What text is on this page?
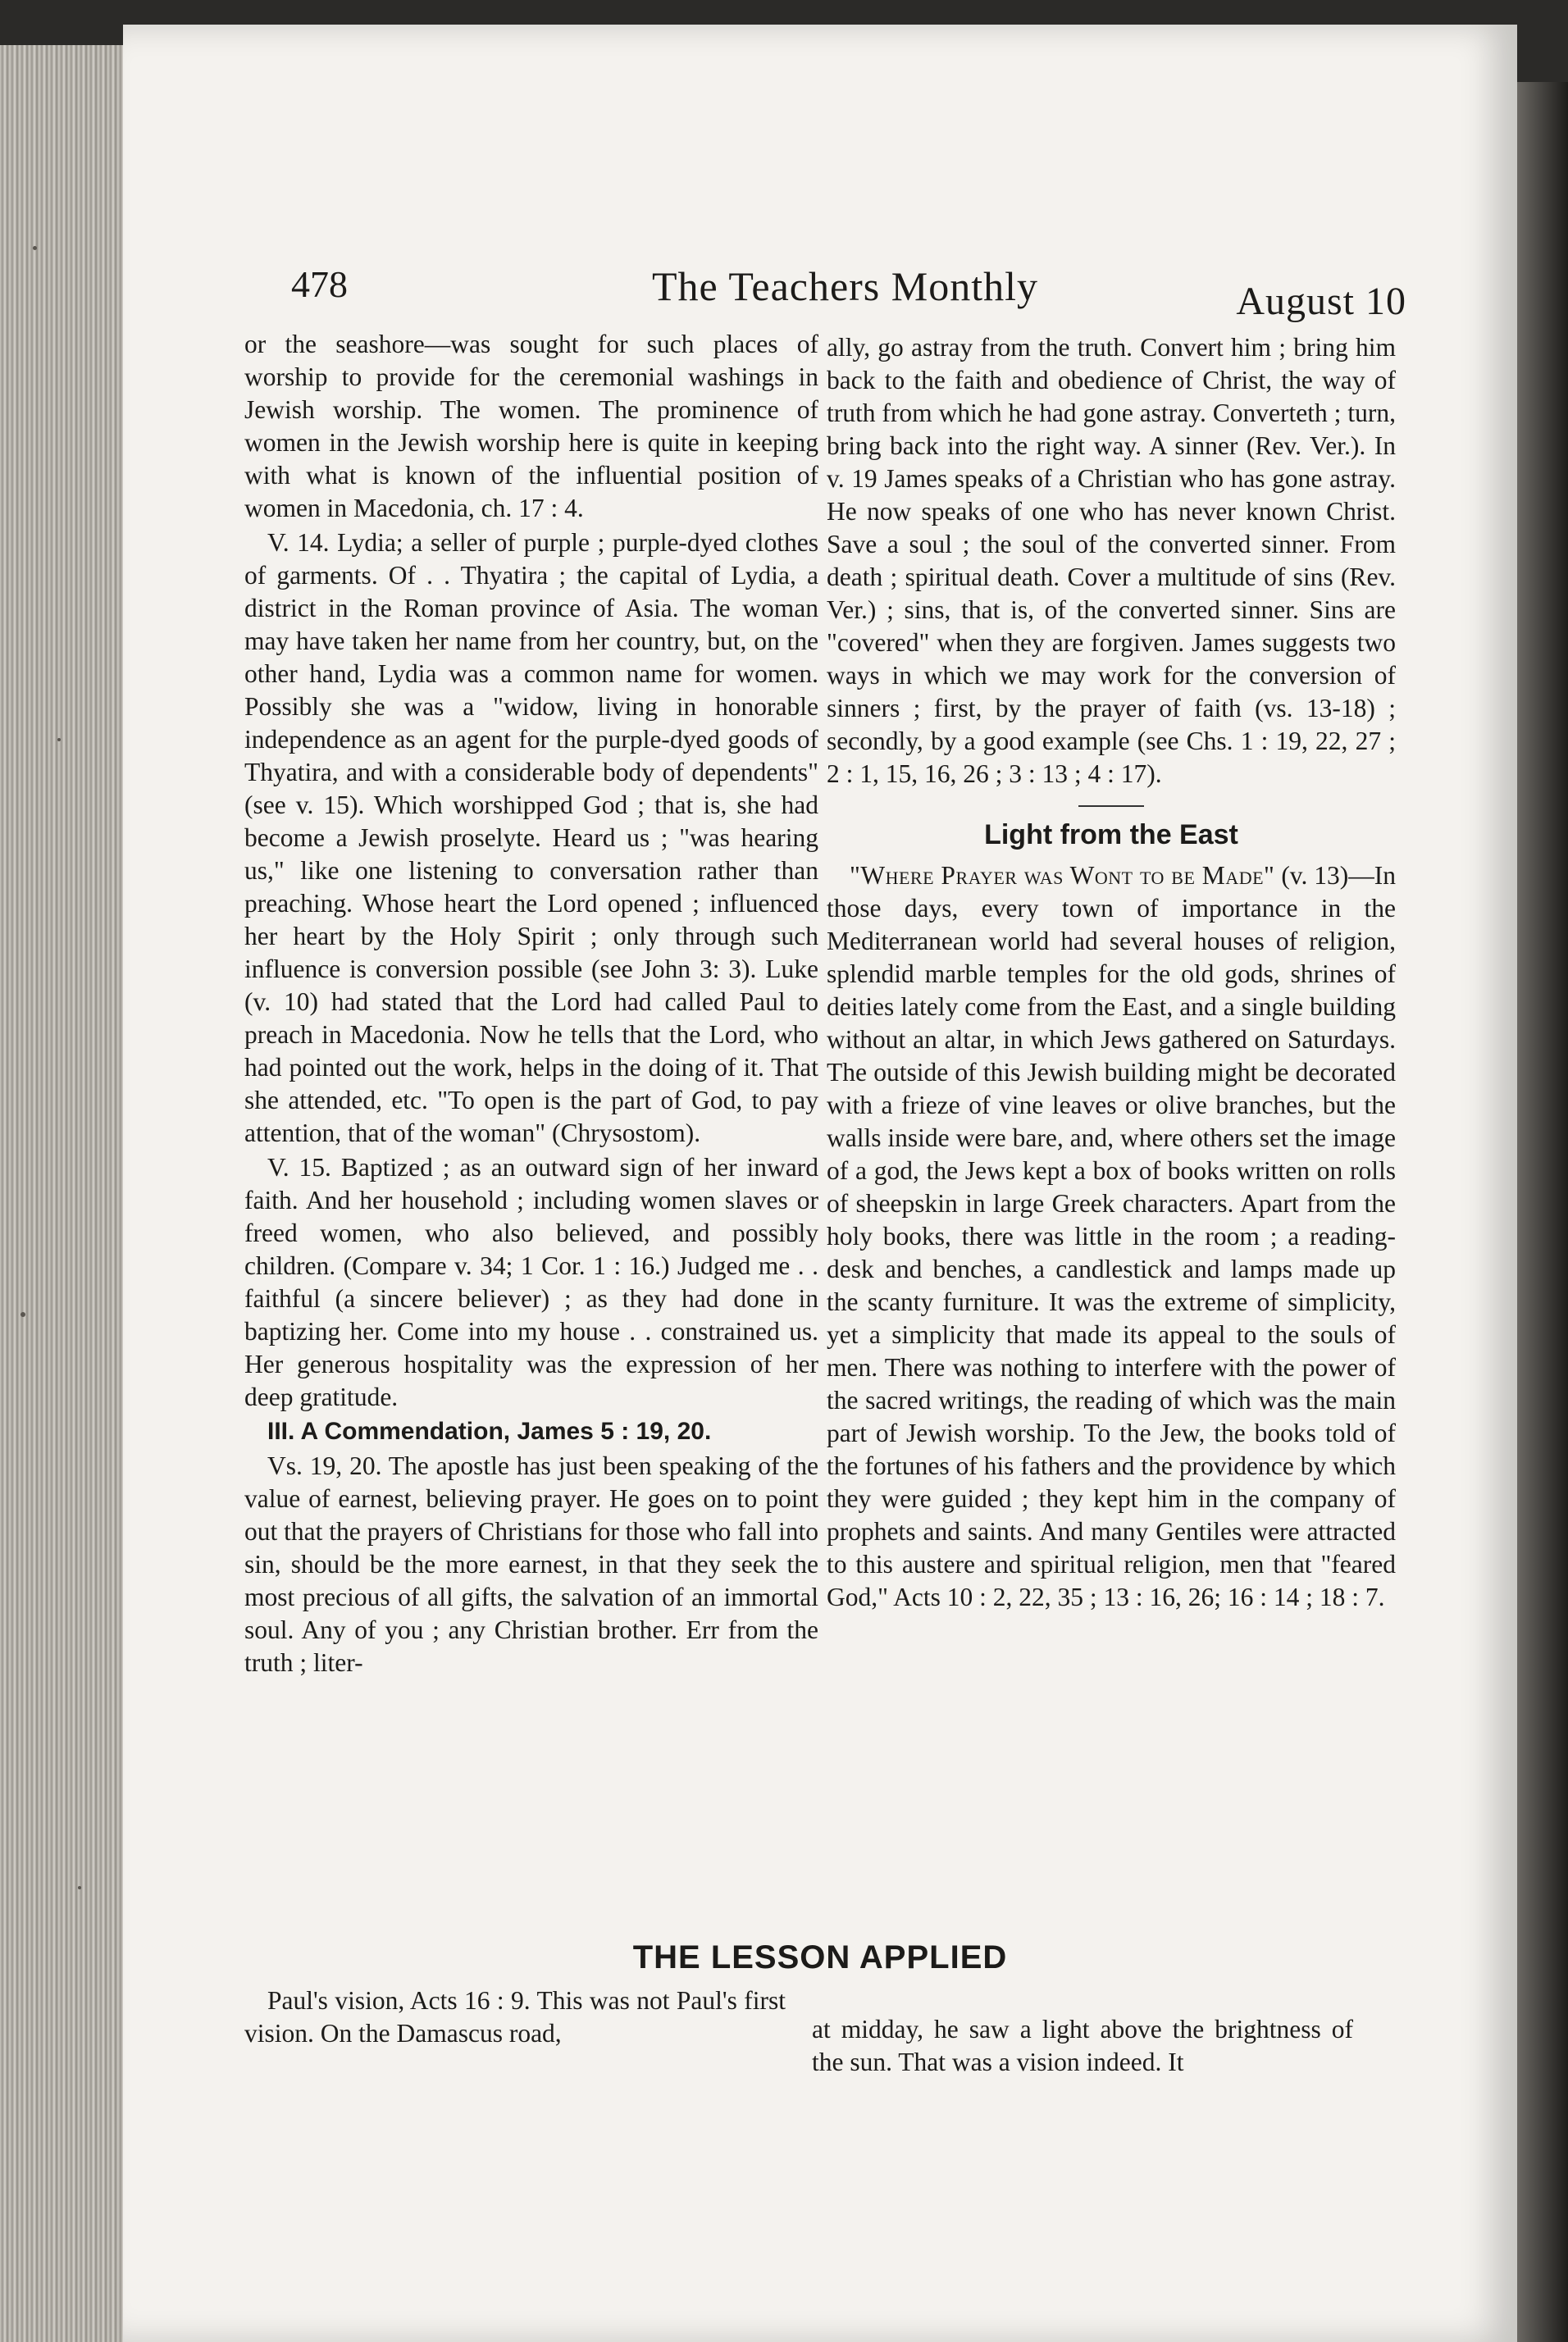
478	The Teachers Monthly	August 10

or the seashore—was sought for such places of worship to provide for the ceremonial washings in Jewish worship. The women. The prominence of women in the Jewish worship here is quite in keeping with what is known of the influential position of women in Macedonia, ch. 17 : 4.

V. 14. Lydia; a seller of purple ; purple-dyed clothes of garments. Of . . Thyatira ; the capital of Lydia, a district in the Roman province of Asia. The woman may have taken her name from her country, but, on the other hand, Lydia was a common name for women. Possibly she was a "widow, living in honorable independence as an agent for the purple-dyed goods of Thyatira, and with a considerable body of dependents" (see v. 15). Which worshipped God ; that is, she had become a Jewish proselyte. Heard us ; "was hearing us," like one listening to conversation rather than preaching. Whose heart the Lord opened ; influenced her heart by the Holy Spirit ; only through such influence is conversion possible (see John 3: 3). Luke (v. 10) had stated that the Lord had called Paul to preach in Macedonia. Now he tells that the Lord, who had pointed out the work, helps in the doing of it. That she attended, etc. "To open is the part of God, to pay attention, that of the woman" (Chrysostom).

V. 15. Baptized ; as an outward sign of her inward faith. And her household ; including women slaves or freed women, who also believed, and possibly children. (Compare v. 34; 1 Cor. 1 : 16.) Judged me . . faithful (a sincere believer) ; as they had done in baptizing her. Come into my house . . constrained us. Her generous hospitality was the expression of her deep gratitude.

III. A Commendation, James 5 : 19, 20.

Vs. 19, 20. The apostle has just been speaking of the value of earnest, believing prayer. He goes on to point out that the prayers of Christians for those who fall into sin, should be the more earnest, in that they seek the most precious of all gifts, the salvation of an immortal soul. Any of you ; any Christian brother. Err from the truth ; liter-

ally, go astray from the truth. Convert him ; bring him back to the faith and obedience of Christ, the way of truth from which he had gone astray. Converteth ; turn, bring back into the right way. A sinner (Rev. Ver.). In v. 19 James speaks of a Christian who has gone astray. He now speaks of one who has never known Christ. Save a soul ; the soul of the converted sinner. From death ; spiritual death. Cover a multitude of sins (Rev. Ver.) ; sins, that is, of the converted sinner. Sins are "covered" when they are forgiven. James suggests two ways in which we may work for the conversion of sinners ; first, by the prayer of faith (vs. 13-18) ; secondly, by a good example (see Chs. 1 : 19, 22, 27 ; 2 : 1, 15, 16, 26 ; 3 : 13 ; 4 : 17).

Light from the East

"Where Prayer was Wont to be Made" (v. 13)—In those days, every town of importance in the Mediterranean world had several houses of religion, splendid marble temples for the old gods, shrines of deities lately come from the East, and a single building without an altar, in which Jews gathered on Saturdays. The outside of this Jewish building might be decorated with a frieze of vine leaves or olive branches, but the walls inside were bare, and, where others set the image of a god, the Jews kept a box of books written on rolls of sheepskin in large Greek characters. Apart from the holy books, there was little in the room ; a reading-desk and benches, a candlestick and lamps made up the scanty furniture. It was the extreme of simplicity, yet a simplicity that made its appeal to the souls of men. There was nothing to interfere with the power of the sacred writings, the reading of which was the main part of Jewish worship. To the Jew, the books told of the fortunes of his fathers and the providence by which they were guided ; they kept him in the company of prophets and saints. And many Gentiles were attracted to this austere and spiritual religion, men that "feared God," Acts 10 : 2, 22, 35 ; 13 : 16, 26; 16 : 14 ; 18 : 7.

THE LESSON APPLIED

Paul's vision, Acts 16 : 9. This was not Paul's first vision. On the Damascus road,	at midday, he saw a light above the brightness of the sun. That was a vision indeed. It
